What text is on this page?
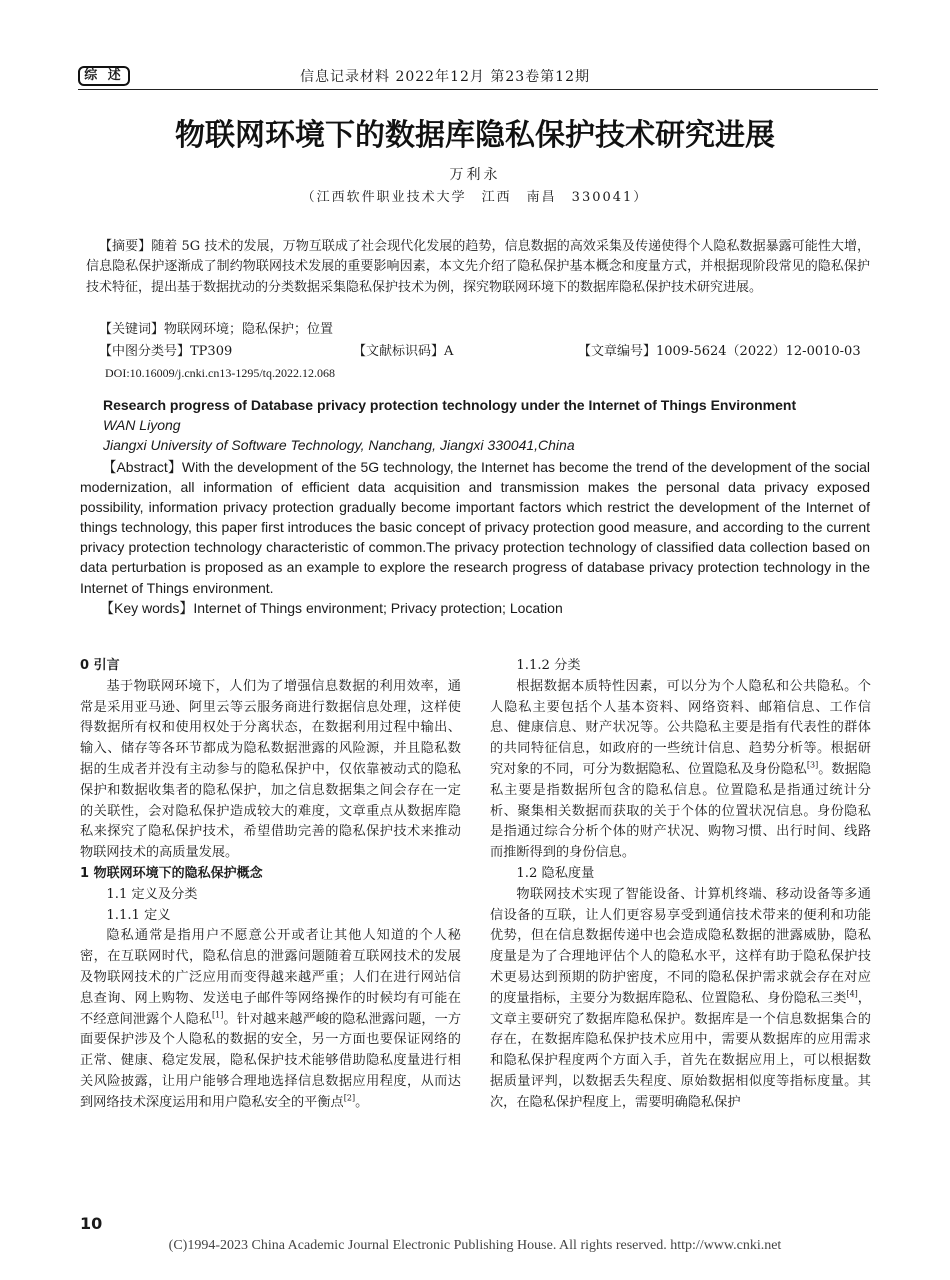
综 述	信息记录材料 2022年12月 第23卷第12期
物联网环境下的数据库隐私保护技术研究进展
万利永
（江西软件职业技术大学　江西　南昌　330041）
【摘要】随着 5G 技术的发展，万物互联成了社会现代化发展的趋势，信息数据的高效采集及传递使得个人隐私数据暴露可能性大增，信息隐私保护逐渐成了制约物联网技术发展的重要影响因素，本文先介绍了隐私保护基本概念和度量方式，并根据现阶段常见的隐私保护技术特征，提出基于数据扰动的分类数据采集隐私保护技术为例，探究物联网环境下的数据库隐私保护技术研究进展。
【关键词】物联网环境；隐私保护；位置
【中图分类号】TP309	【文献标识码】A	【文章编号】1009-5624（2022）12-0010-03
DOI:10.16009/j.cnki.cn13-1295/tq.2022.12.068
Research progress of Database privacy protection technology under the Internet of Things Environment
WAN Liyong
Jiangxi University of Software Technology, Nanchang, Jiangxi 330041,China
【Abstract】With the development of the 5G technology, the Internet has become the trend of the development of the social modernization, all information of efficient data acquisition and transmission makes the personal data privacy exposed possibility, information privacy protection gradually become important factors which restrict the development of the Internet of things technology, this paper first introduces the basic concept of privacy protection good measure, and according to the current privacy protection technology characteristic of common.The privacy protection technology of classified data collection based on data perturbation is proposed as an example to explore the research progress of database privacy protection technology in the Internet of Things environment.
【Key words】Internet of Things environment; Privacy protection; Location

0 引言

基于物联网环境下，人们为了增强信息数据的利用效率，通常是采用亚马逊、阿里云等云服务商进行数据信息处理，这样使得数据所有权和使用权处于分离状态，在数据利用过程中输出、输入、储存等各环节都成为隐私数据泄露的风险源，并且隐私数据的生成者并没有主动参与的隐私保护中，仅依靠被动式的隐私保护和数据收集者的隐私保护，加之信息数据集之间会存在一定的关联性，会对隐私保护造成较大的难度，文章重点从数据库隐私来探究了隐私保护技术，希望借助完善的隐私保护技术来推动物联网技术的高质量发展。

1 物联网环境下的隐私保护概念

1.1 定义及分类

1.1.1 定义

隐私通常是指用户不愿意公开或者让其他人知道的个人秘密，在互联网时代，隐私信息的泄露问题随着互联网技术的发展及物联网技术的广泛应用而变得越来越严重；人们在进行网站信息查询、网上购物、发送电子邮件等网络操作的时候均有可能在不经意间泄露个人隐私[1]。针对越来越严峻的隐私泄露问题，一方面要保护涉及个人隐私的数据的安全，另一方面也要保证网络的正常、健康、稳定发展，隐私保护技术能够借助隐私度量进行相关风险披露，让用户能够合理地选择信息数据应用程度，从而达到网络技术深度运用和用户隐私安全的平衡点[2]。

1.1.2 分类

根据数据本质特性因素，可以分为个人隐私和公共隐私。个人隐私主要包括个人基本资料、网络资料、邮箱信息、工作信息、健康信息、财产状况等。公共隐私主要是指有代表性的群体的共同特征信息，如政府的一些统计信息、趋势分析等。根据研究对象的不同，可分为数据隐私、位置隐私及身份隐私[3]。数据隐私主要是指数据所包含的隐私信息。位置隐私是指通过统计分析、聚集相关数据而获取的关于个体的位置状况信息。身份隐私是指通过综合分析个体的财产状况、购物习惯、出行时间、线路而推断得到的身份信息。

1.2 隐私度量

物联网技术实现了智能设备、计算机终端、移动设备等多通信设备的互联，让人们更容易享受到通信技术带来的便利和功能优势，但在信息数据传递中也会造成隐私数据的泄露威胁，隐私度量是为了合理地评估个人的隐私水平，这样有助于隐私保护技术更易达到预期的防护密度，不同的隐私保护需求就会存在对应的度量指标，主要分为数据库隐私、位置隐私、身份隐私三类[4]，文章主要研究了数据库隐私保护。数据库是一个信息数据集合的存在，在数据库隐私保护技术应用中，需要从数据库的应用需求和隐私保护程度两个方面入手，首先在数据应用上，可以根据数据质量评判，以数据丢失程度、原始数据相似度等指标度量。其次，在隐私保护程度上，需要明确隐私保护

10
(C)1994-2023 China Academic Journal Electronic Publishing House. All rights reserved. http://www.cnki.net
